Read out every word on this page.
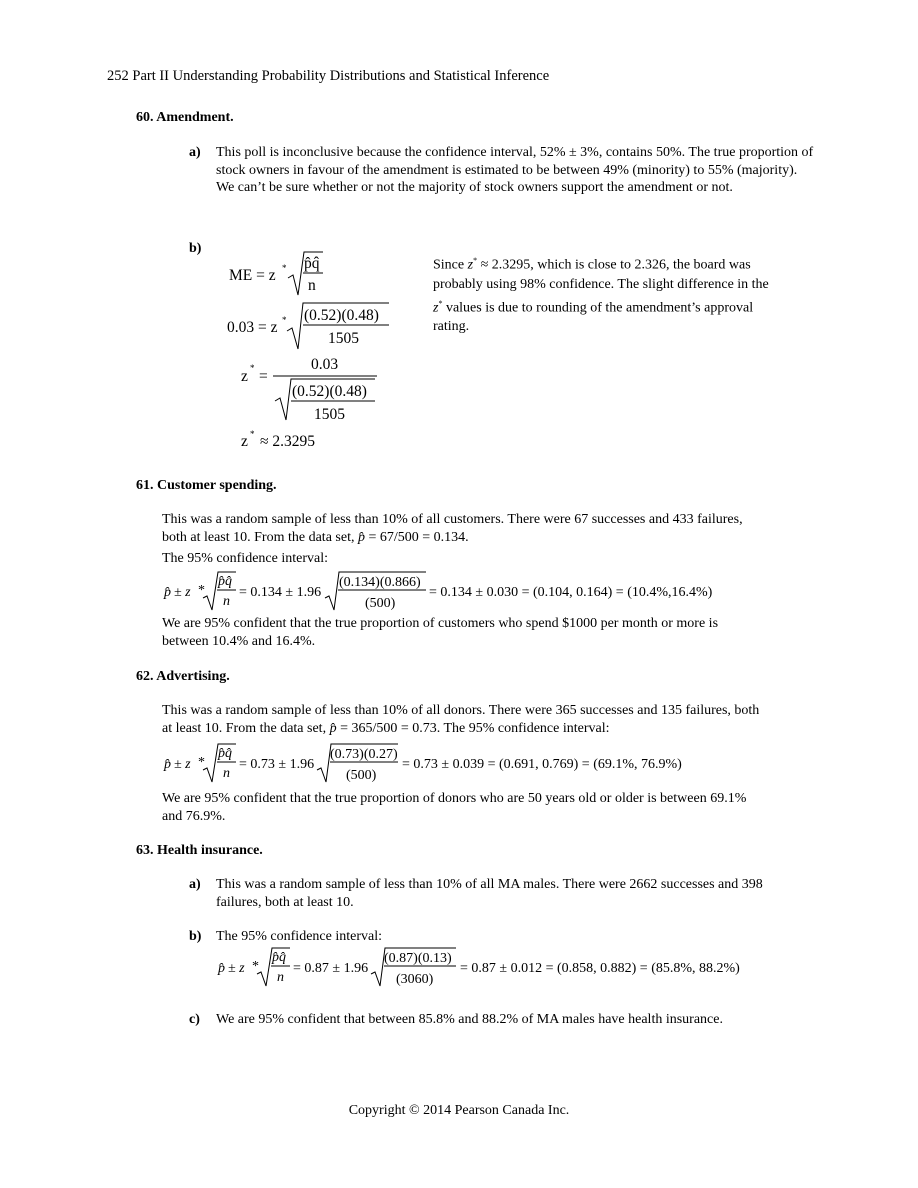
252 Part II Understanding Probability Distributions and Statistical Inference
60. Amendment.
a) This poll is inconclusive because the confidence interval, 52% ± 3%, contains 50%. The true proportion of stock owners in favour of the amendment is estimated to be between 49% (minority) to 55% (majority). We can’t be sure whether or not the majority of stock owners support the amendment or not.
b)
ME = z * p̂q̂
n
0.03 = z * (0.52)(0.48)
1505
z * =
0.03
(0.52)(0.48)
1505
z * ≈ 2.3295
Since z* ≈ 2.3295, which is close to 2.326, the board was
probably using 98% confidence. The slight difference in the
z* values is due to rounding of the amendment’s approval
rating.
61. Customer spending.
This was a random sample of less than 10% of all customers. There were 67 successes and 433 failures,
both at least 10. From the data set, p̂ = 67/500 = 0.134.
The 95% confidence interval:
p̂ ± z *
p̂q̂
n
= 0.134 ± 1.96
(0.134)(0.866)
(500)
= 0.134 ± 0.030 = (0.104, 0.164) = (10.4%,16.4%)
We are 95% confident that the true proportion of customers who spend $1000 per month or more is
between 10.4% and 16.4%.
62. Advertising.
This was a random sample of less than 10% of all donors. There were 365 successes and 135 failures, both
at least 10. From the data set, p̂ = 365/500 = 0.73. The 95% confidence interval:
p̂ ± z *
p̂q̂
n
= 0.73 ± 1.96
(0.73)(0.27)
(500)
= 0.73 ± 0.039 = (0.691, 0.769) = (69.1%, 76.9%)
We are 95% confident that the true proportion of donors who are 50 years old or older is between 69.1%
and 76.9%.
63. Health insurance.
a) This was a random sample of less than 10% of all MA males. There were 2662 successes and 398
failures, both at least 10.
b) The 95% confidence interval:
p̂ ± z *
p̂q̂
n
= 0.87 ± 1.96
(0.87)(0.13)
(3060)
= 0.87 ± 0.012 = (0.858, 0.882) = (85.8%, 88.2%)
c) We are 95% confident that between 85.8% and 88.2% of MA males have health insurance.
Copyright © 2014 Pearson Canada Inc.
